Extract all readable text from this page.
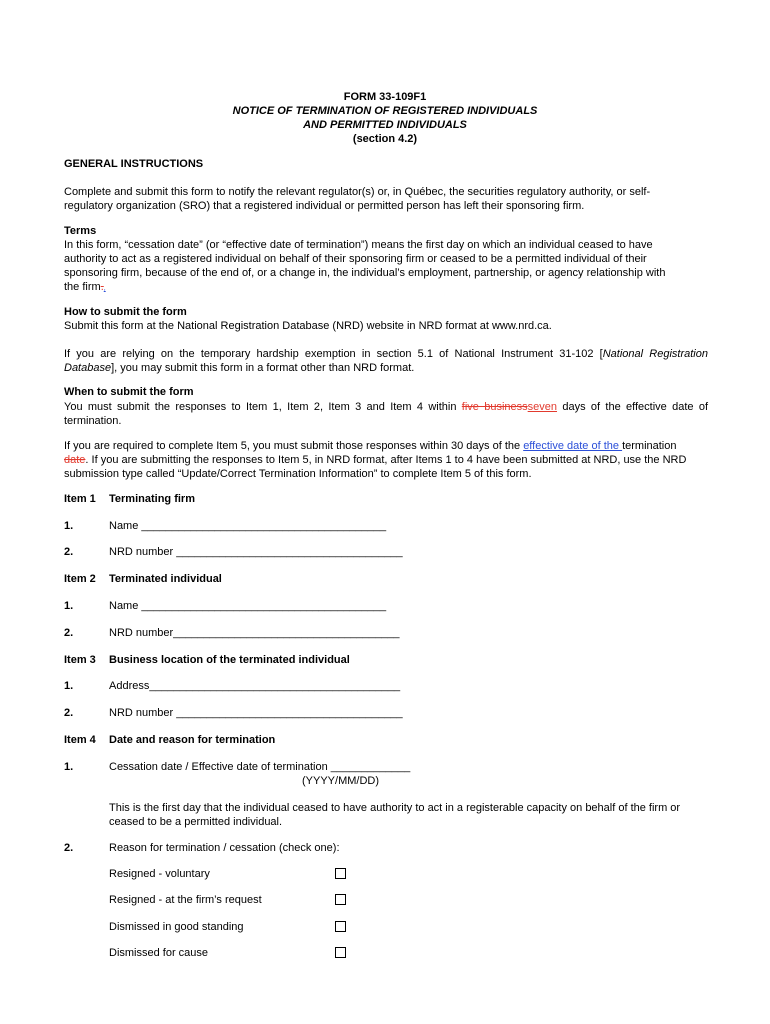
FORM 33-109F1
NOTICE OF TERMINATION OF REGISTERED INDIVIDUALS
AND PERMITTED INDIVIDUALS
(section 4.2)
GENERAL INSTRUCTIONS
Complete and submit this form to notify the relevant regulator(s) or, in Québec, the securities regulatory authority, or self-
regulatory organization (SRO) that a registered individual or permitted person has left their sponsoring firm.
Terms
In this form, “cessation date” (or “effective date of termination”) means the first day on which an individual ceased to have
authority to act as a registered individual on behalf of their sponsoring firm or ceased to be a permitted individual of their
sponsoring firm, because of the end of, or a change in, the individual’s employment, partnership, or agency relationship with
the firm.,
How to submit the form
Submit this form at the National Registration Database (NRD) website in NRD format at www.nrd.ca.
If you are relying on the temporary hardship exemption in section 5.1 of National Instrument 31-102 [National Registration
Database], you may submit this form in a format other than NRD format.
When to submit the form
You must submit the responses to Item 1, Item 2, Item 3 and Item 4 within five businessseven days of the effective date of
termination.
If you are required to complete Item 5, you must submit those responses within 30 days of the effective date of the termination
date. If you are submitting the responses to Item 5, in NRD format, after Items 1 to 4 have been submitted at NRD, use the NRD
submission type called “Update/Correct Termination Information” to complete Item 5 of this form.
Item 1 Terminating firm
1.	Name ________________________________________
2.	NRD number _____________________________________
Item 2 Terminated individual
1.	Name ________________________________________
2.	NRD number_____________________________________
Item 3 Business location of the terminated individual
1.	Address_________________________________________
2.	NRD number _____________________________________
Item 4 Date and reason for termination
1.	Cessation date / Effective date of termination _____________
(YYYY/MM/DD)
This is the first day that the individual ceased to have authority to act in a registerable capacity on behalf of the firm or
ceased to be a permitted individual.
2.	Reason for termination / cessation (check one):
Resigned - voluntary
Resigned - at the firm’s request
Dismissed in good standing
Dismissed for cause
